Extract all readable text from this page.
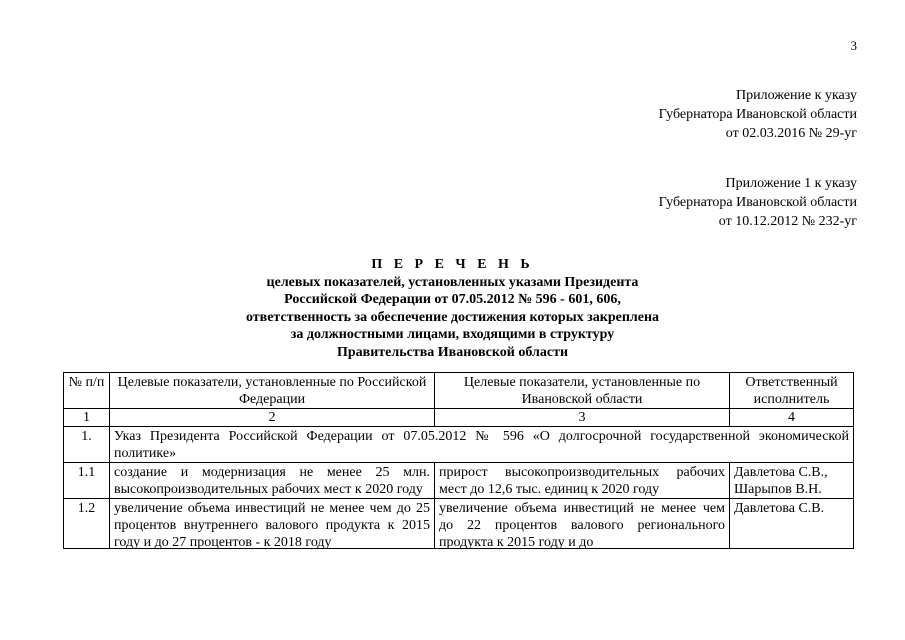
3
Приложение к указу
Губернатора Ивановской области
от 02.03.2016 № 29-уг
Приложение 1 к указу
Губернатора Ивановской области
от 10.12.2012 № 232-уг
П Е Р Е Ч Е Н Ь
целевых показателей, установленных указами Президента
Российской Федерации от 07.05.2012 № 596 - 601, 606,
ответственность за обеспечение достижения которых закреплена
за должностными лицами, входящими в структуру
Правительства Ивановской области
№ п/п	Целевые показатели, установленные по Российской Федерации	Целевые показатели, установленные по Ивановской области	Ответственный исполнитель
1	2	3	4
1.	Указ Президента Российской Федерации от 07.05.2012 № 596 «О долгосрочной государственной экономической политике»		
1.1	создание и модернизация не менее 25 млн. высокопроизводительных рабочих мест к 2020 году	прирост высокопроизводительных рабочих мест до 12,6 тыс. единиц к 2020 году	Давлетова С.В., Шарыпов В.Н.
1.2	увеличение объема инвестиций не менее чем до 25 процентов внутреннего валового продукта к 2015 году и до 27 процентов - к 2018 году	увеличение объема инвестиций не менее чем до 22 процентов валового регионального продукта к 2015 году и до	Давлетова С.В.
